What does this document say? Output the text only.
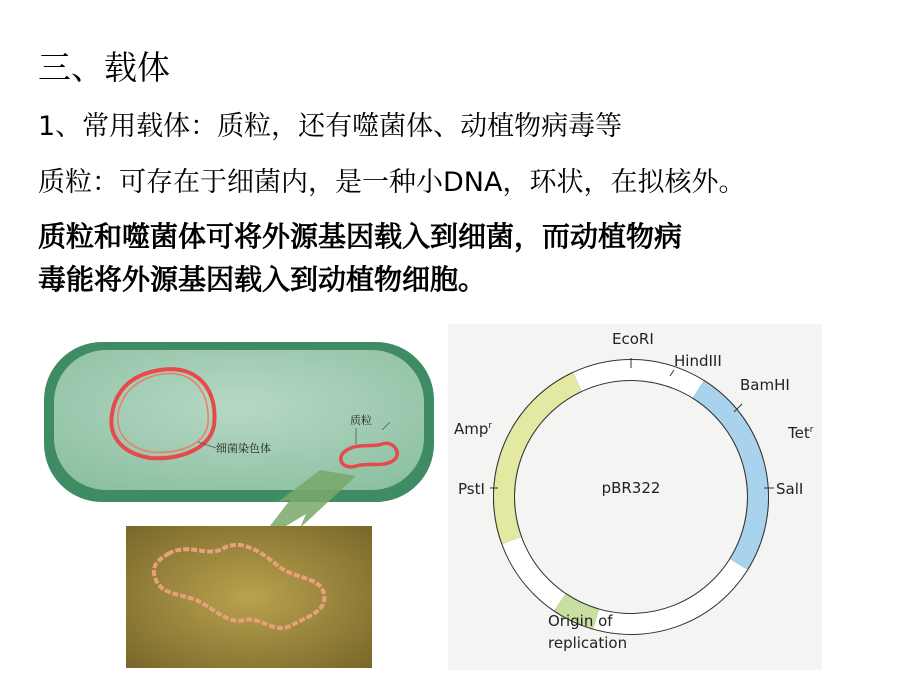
三、载体
1、常用载体：质粒，还有噬菌体、动植物病毒等
质粒：可存在于细菌内，是一种小DNA，环状，在拟核外。
质粒和噬菌体可将外源基因载入到细菌，而动植物病
毒能将外源基因载入到动植物细胞。
细菌染色体
质粒
EcoRI
HindIII
BamHI
Tet$^r$
SalI
Amp$^r$
PstI	pBR322
Origin of
replication
